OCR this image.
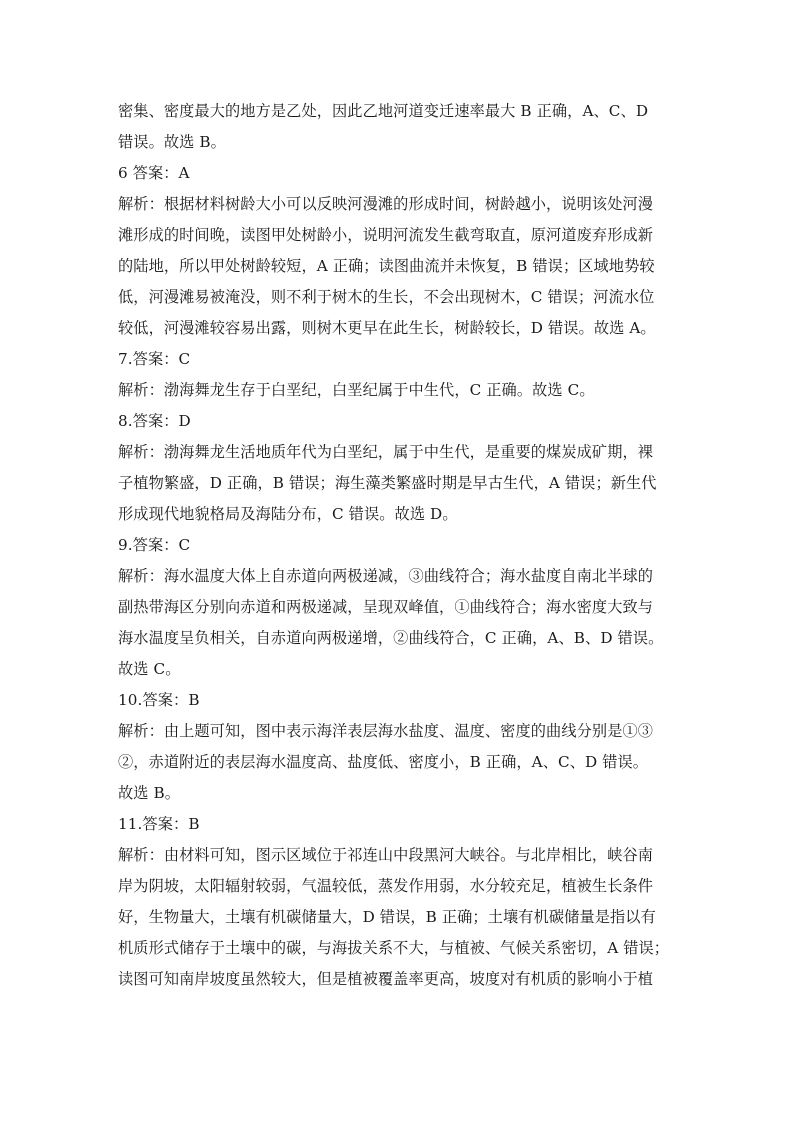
密集、密度最大的地方是乙处，因此乙地河道变迁速率最大 B 正确，A、C、D
错误。故选 B。
6 答案：A
解析：根据材料树龄大小可以反映河漫滩的形成时间，树龄越小，说明该处河漫
滩形成的时间晚，读图甲处树龄小，说明河流发生截弯取直，原河道废弃形成新
的陆地，所以甲处树龄较短，A 正确；读图曲流并未恢复，B 错误；区域地势较
低，河漫滩易被淹没，则不利于树木的生长，不会出现树木，C 错误；河流水位
较低，河漫滩较容易出露，则树木更早在此生长，树龄较长，D 错误。故选 A。
7.答案：C
解析：渤海舞龙生存于白垩纪，白垩纪属于中生代，C 正确。故选 C。
8.答案：D
解析：渤海舞龙生活地质年代为白垩纪，属于中生代，是重要的煤炭成矿期，裸
子植物繁盛，D 正确，B 错误；海生藻类繁盛时期是早古生代，A 错误；新生代
形成现代地貌格局及海陆分布，C 错误。故选 D。
9.答案：C
解析：海水温度大体上自赤道向两极递减，③曲线符合；海水盐度自南北半球的
副热带海区分别向赤道和两极递减，呈现双峰值，①曲线符合；海水密度大致与
海水温度呈负相关，自赤道向两极递增，②曲线符合，C 正确，A、B、D 错误。
故选 C。
10.答案：B
解析：由上题可知，图中表示海洋表层海水盐度、温度、密度的曲线分别是①③
②，赤道附近的表层海水温度高、盐度低、密度小，B 正确，A、C、D 错误。
故选 B。
11.答案：B
解析：由材料可知，图示区域位于祁连山中段黑河大峡谷。与北岸相比，峡谷南
岸为阴坡，太阳辐射较弱，气温较低，蒸发作用弱，水分较充足，植被生长条件
好，生物量大，土壤有机碳储量大，D 错误，B 正确；土壤有机碳储量是指以有
机质形式储存于土壤中的碳，与海拔关系不大，与植被、气候关系密切，A 错误；
读图可知南岸坡度虽然较大，但是植被覆盖率更高，坡度对有机质的影响小于植
